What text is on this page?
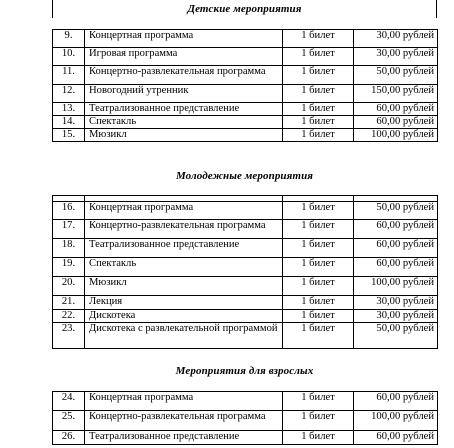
Детские мероприятия
9.	Концертная программа	1 билет	30,00 рублей
10.	Игровая программа	1 билет	30,00 рублей
11.	Концертно-развлекательная программа	1 билет	50,00 рублей
12.	Новогодний утренник	1 билет	150,00 рублей
13.	Театрализованное представление	1 билет	60,00 рублей
14.	Спектакль	1 билет	60,00 рублей
15.	Мюзикл	1 билет	100,00 рублей
Молодежные мероприятия

16.	Концертная программа	1 билет	50,00 рублей
17.	Концертно-развлекательная программа	1 билет	60,00 рублей
18.	Театрализованное представление	1 билет	60,00 рублей
19.	Спектакль	1 билет	60,00 рублей
20.	Мюзикл	1 билет	100,00 рублей
21.	Лекция	1 билет	30,00 рублей
22.	Дискотека	1 билет	30,00 рублей
23.	Дискотека с развлекательной программой	1 билет	50,00 рублей
Мероприятия для взрослых
24.	Концертная программа	1 билет	60,00 рублей
25.	Концертно-развлекательная программа	1 билет	100,00 рублей
26.	Театрализованное представление	1 билет	60,00 рублей
